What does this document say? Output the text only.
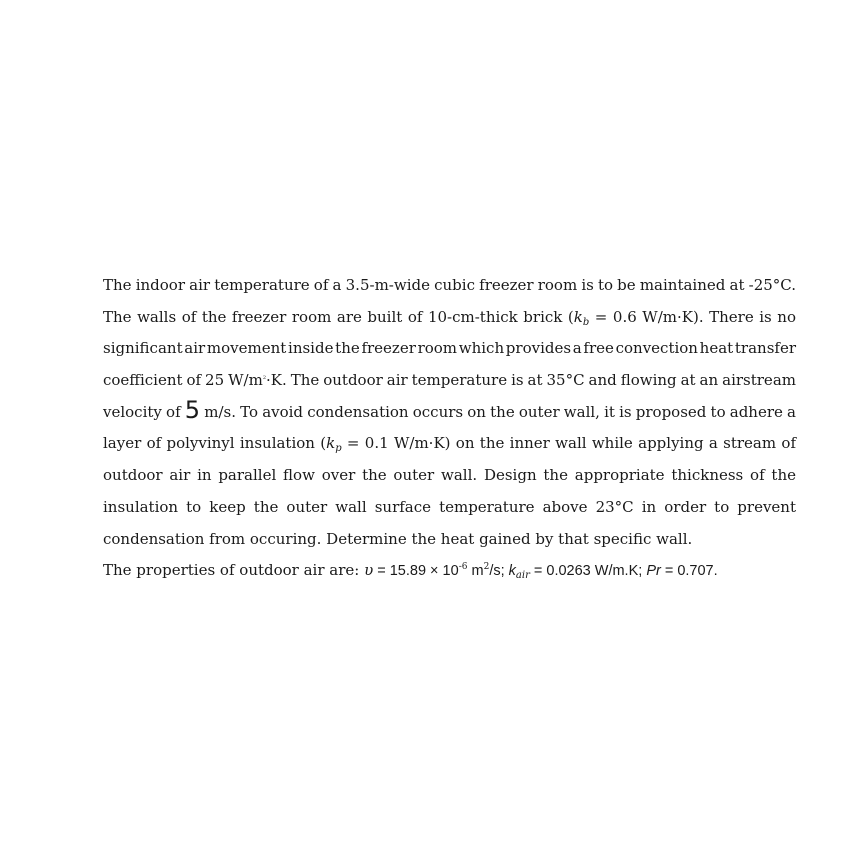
The indoor air temperature of a 3.5-m-wide cubic freezer room is to be maintained at -25°C.
The walls of the freezer room are built of 10-cm-thick brick ($k_b = 0.6$ W/m·K). There is no
significant air movement inside the freezer room which provides a free convection heat transfer
coefficient of 25 $W/m^2\cdot K$. The outdoor air temperature is at 35°C and flowing at an airstream
velocity of 5 m/s. To avoid condensation occurs on the outer wall, it is proposed to adhere a
layer of polyvinyl insulation ($k_p = 0.1$ W/m·K) on the inner wall while applying a stream of
outdoor air in parallel flow over the outer wall. Design the appropriate thickness of the
insulation to keep the outer wall surface temperature above 23°C in order to prevent
condensation from occuring. Determine the heat gained by that specific wall.
The properties of outdoor air are: $\upsilon = 15.89 \times 10^{-6}$ $m^2/s$; $k_{air} = 0.0263$ W/m.K; Pr = 0.707.
